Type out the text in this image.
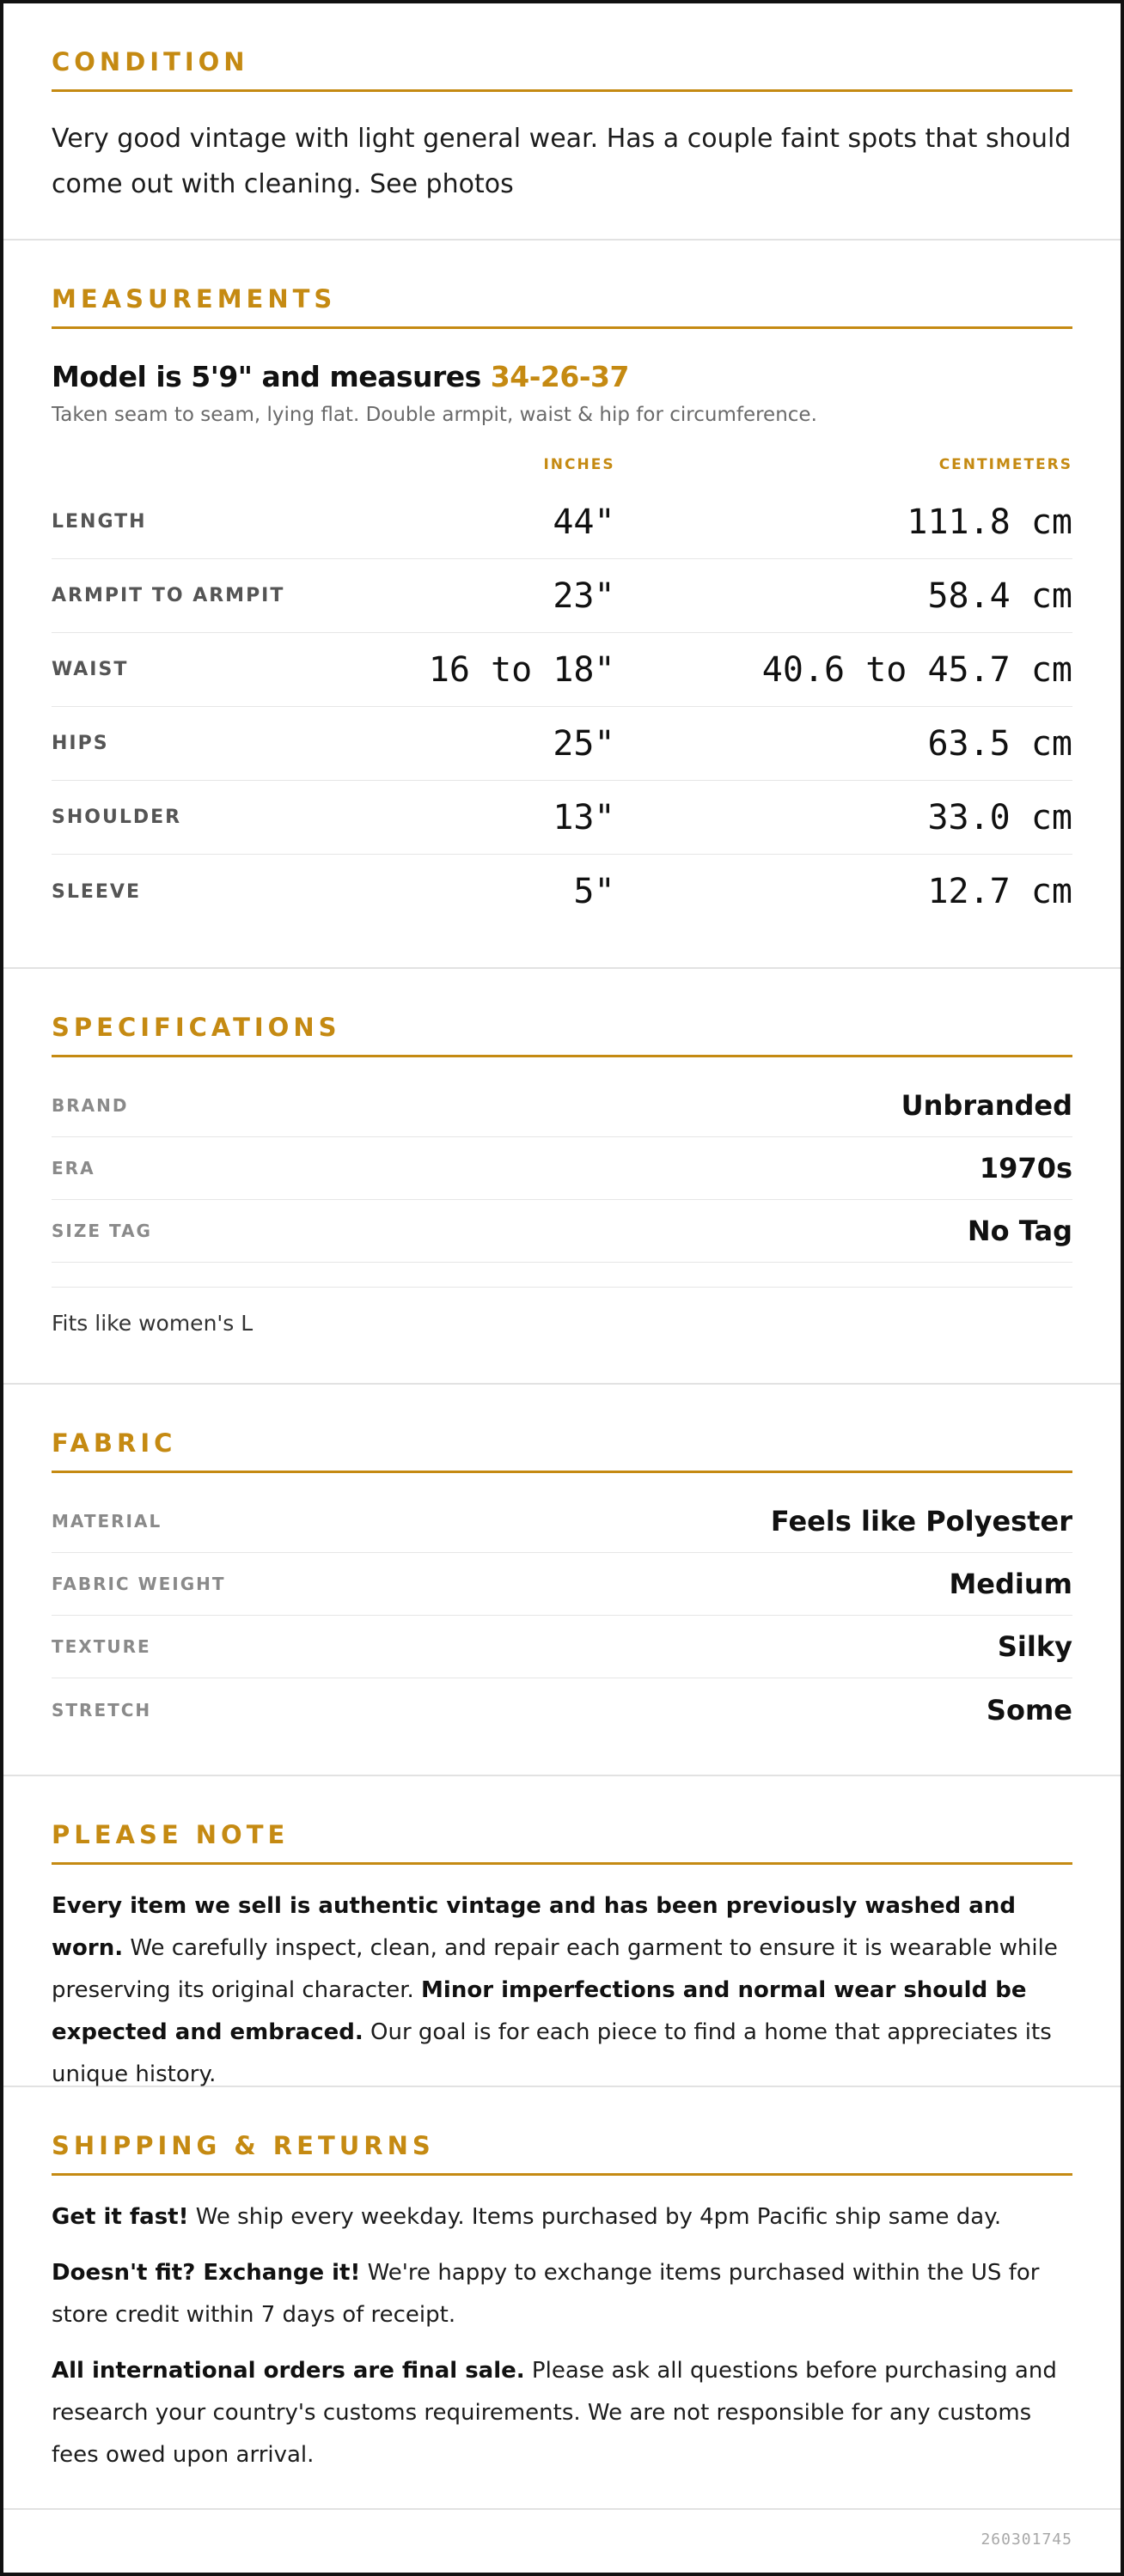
CONDITION
Very good vintage with light general wear. Has a couple faint spots that should come out with cleaning. See photos
MEASUREMENTS
Model is 5'9" and measures 34-26-37
Taken seam to seam, lying flat. Double armpit, waist & hip for circumference.
INCHES	CENTIMETERS
LENGTH	44"	111.8 cm
ARMPIT TO ARMPIT	23"	58.4 cm
WAIST	16 to 18"	40.6 to 45.7 cm
HIPS	25"	63.5 cm
SHOULDER	13"	33.0 cm
SLEEVE	5"	12.7 cm
SPECIFICATIONS
BRAND	Unbranded
ERA	1970s
SIZE TAG	No Tag
Fits like women's L
FABRIC
MATERIAL	Feels like Polyester
FABRIC WEIGHT	Medium
TEXTURE	Silky
STRETCH	Some
PLEASE NOTE

Every item we sell is authentic vintage and has been previously washed and worn. We carefully inspect, clean, and repair each garment to ensure it is wearable while preserving its original character. Minor imperfections and normal wear should be expected and embraced. Our goal is for each piece to find a home that appreciates its unique history.

SHIPPING & RETURNS

Get it fast! We ship every weekday. Items purchased by 4pm Pacific ship same day.

Doesn't fit? Exchange it! We're happy to exchange items purchased within the US for store credit within 7 days of receipt.

All international orders are final sale. Please ask all questions before purchasing and research your country's customs requirements. We are not responsible for any customs fees owed upon arrival.

260301745
